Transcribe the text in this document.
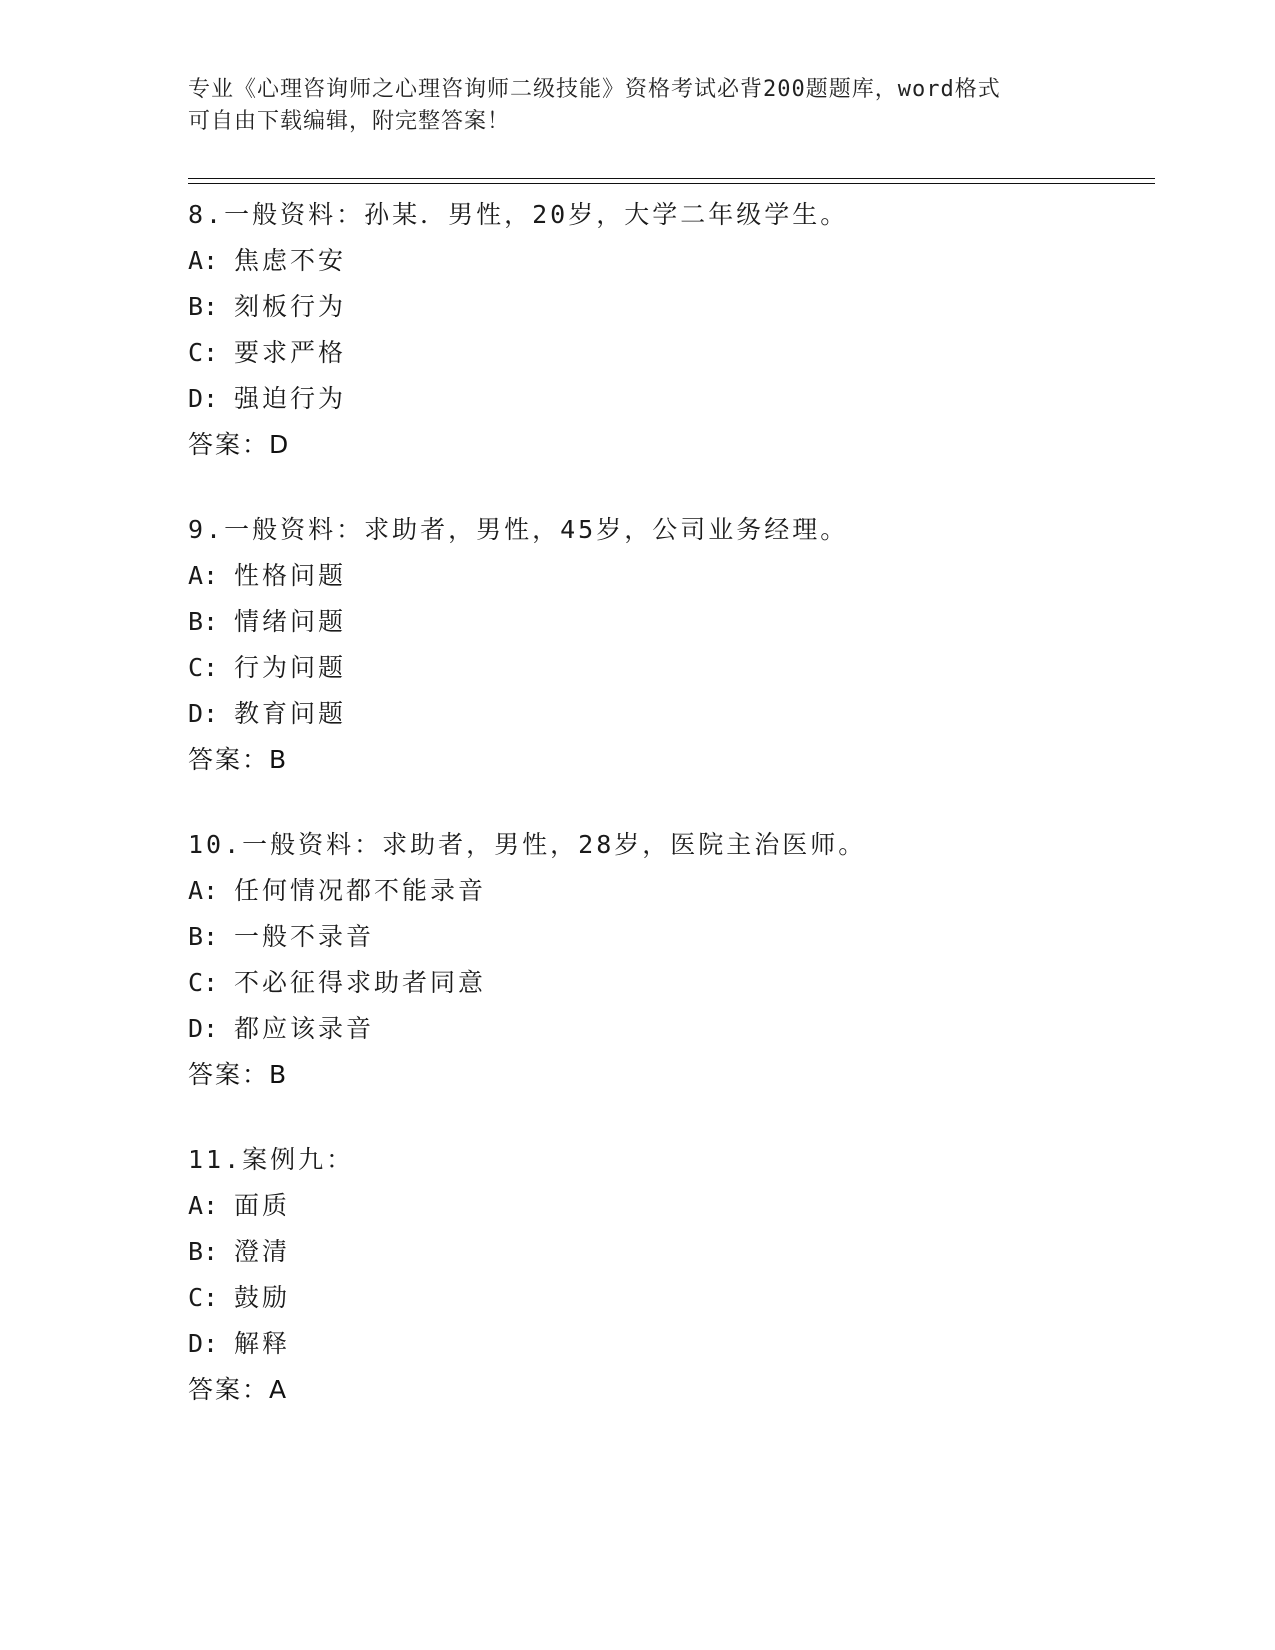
专业《心理咨询师之心理咨询师二级技能》资格考试必背200题题库，word格式
可自由下载编辑，附完整答案！
8.一般资料：孙某．男性，20岁，大学二年级学生。
A: 焦虑不安
B: 刻板行为
C: 要求严格
D: 强迫行为
答案：D
9.一般资料：求助者，男性，45岁，公司业务经理。
A: 性格问题
B: 情绪问题
C: 行为问题
D: 教育问题
答案：B
10.一般资料：求助者，男性，28岁，医院主治医师。
A: 任何情况都不能录音
B: 一般不录音
C: 不必征得求助者同意
D: 都应该录音
答案：B
11.案例九：
A: 面质
B: 澄清
C: 鼓励
D: 解释
答案：A
